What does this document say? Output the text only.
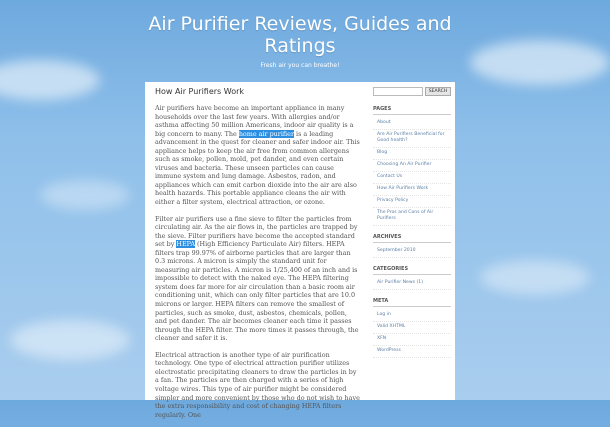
Air Purifier Reviews, Guides and Ratings
Fresh air you can breathe!
How Air Purifiers Work

Air purifiers have become an important appliance in many households over the last few years. With allergies and/or asthma affecting 50 million Americans, indoor air quality is a big concern to many. The home air purifier is a leading advancement in the quest for cleaner and safer indoor air. This appliance helps to keep the air free from common allergens such as smoke, pollen, mold, pet dander, and even certain viruses and bacteria. These unseen particles can cause immune system and lung damage. Asbestos, radon, and appliances which can emit carbon dioxide into the air are also health hazards. This portable appliance cleans the air with either a filter system, electrical attraction, or ozone.

Filter air purifiers use a fine sieve to filter the particles from circulating air. As the air flows in, the particles are trapped by the sieve. Filter purifiers have become the accepted standard set by HEPA (High Efficiency Particulate Air) filters. HEPA filters trap 99.97% of airborne particles that are larger than 0.3 microns. A micron is simply the standard unit for measuring air particles. A micron is 1/25,400 of an inch and is impossible to detect with the naked eye. The HEPA filtering system does far more for air circulation than a basic room air conditioning unit, which can only filter particles that are 10.0 microns or larger. HEPA filters can remove the smallest of particles, such as smoke, dust, asbestos, chemicals, pollen, and pet dander. The air becomes cleaner each time it passes through the HEPA filter. The more times it passes through, the cleaner and safer it is.

Electrical attraction is another type of air purification technology. One type of electrical attraction purifier utilizes electrostatic precipitating cleaners to draw the particles in by a fan. The particles are then charged with a series of high voltage wires. This type of air purifier might be considered simpler and more convenient by those who do not wish to have the extra responsibility and cost of changing HEPA filters regularly. One

SEARCH
PAGES
About
Are Air Purifiers Beneficial for Good health?
Blog
Choosing An Air Purifier
Contact Us
How Air Purifiers Work
Privacy Policy
The Pros and Cons of Air Purifiers
ARCHIVES
September 2010
CATEGORIES
Air Purifier News (1)
META
Log in
Valid XHTML
XFN
WordPress
